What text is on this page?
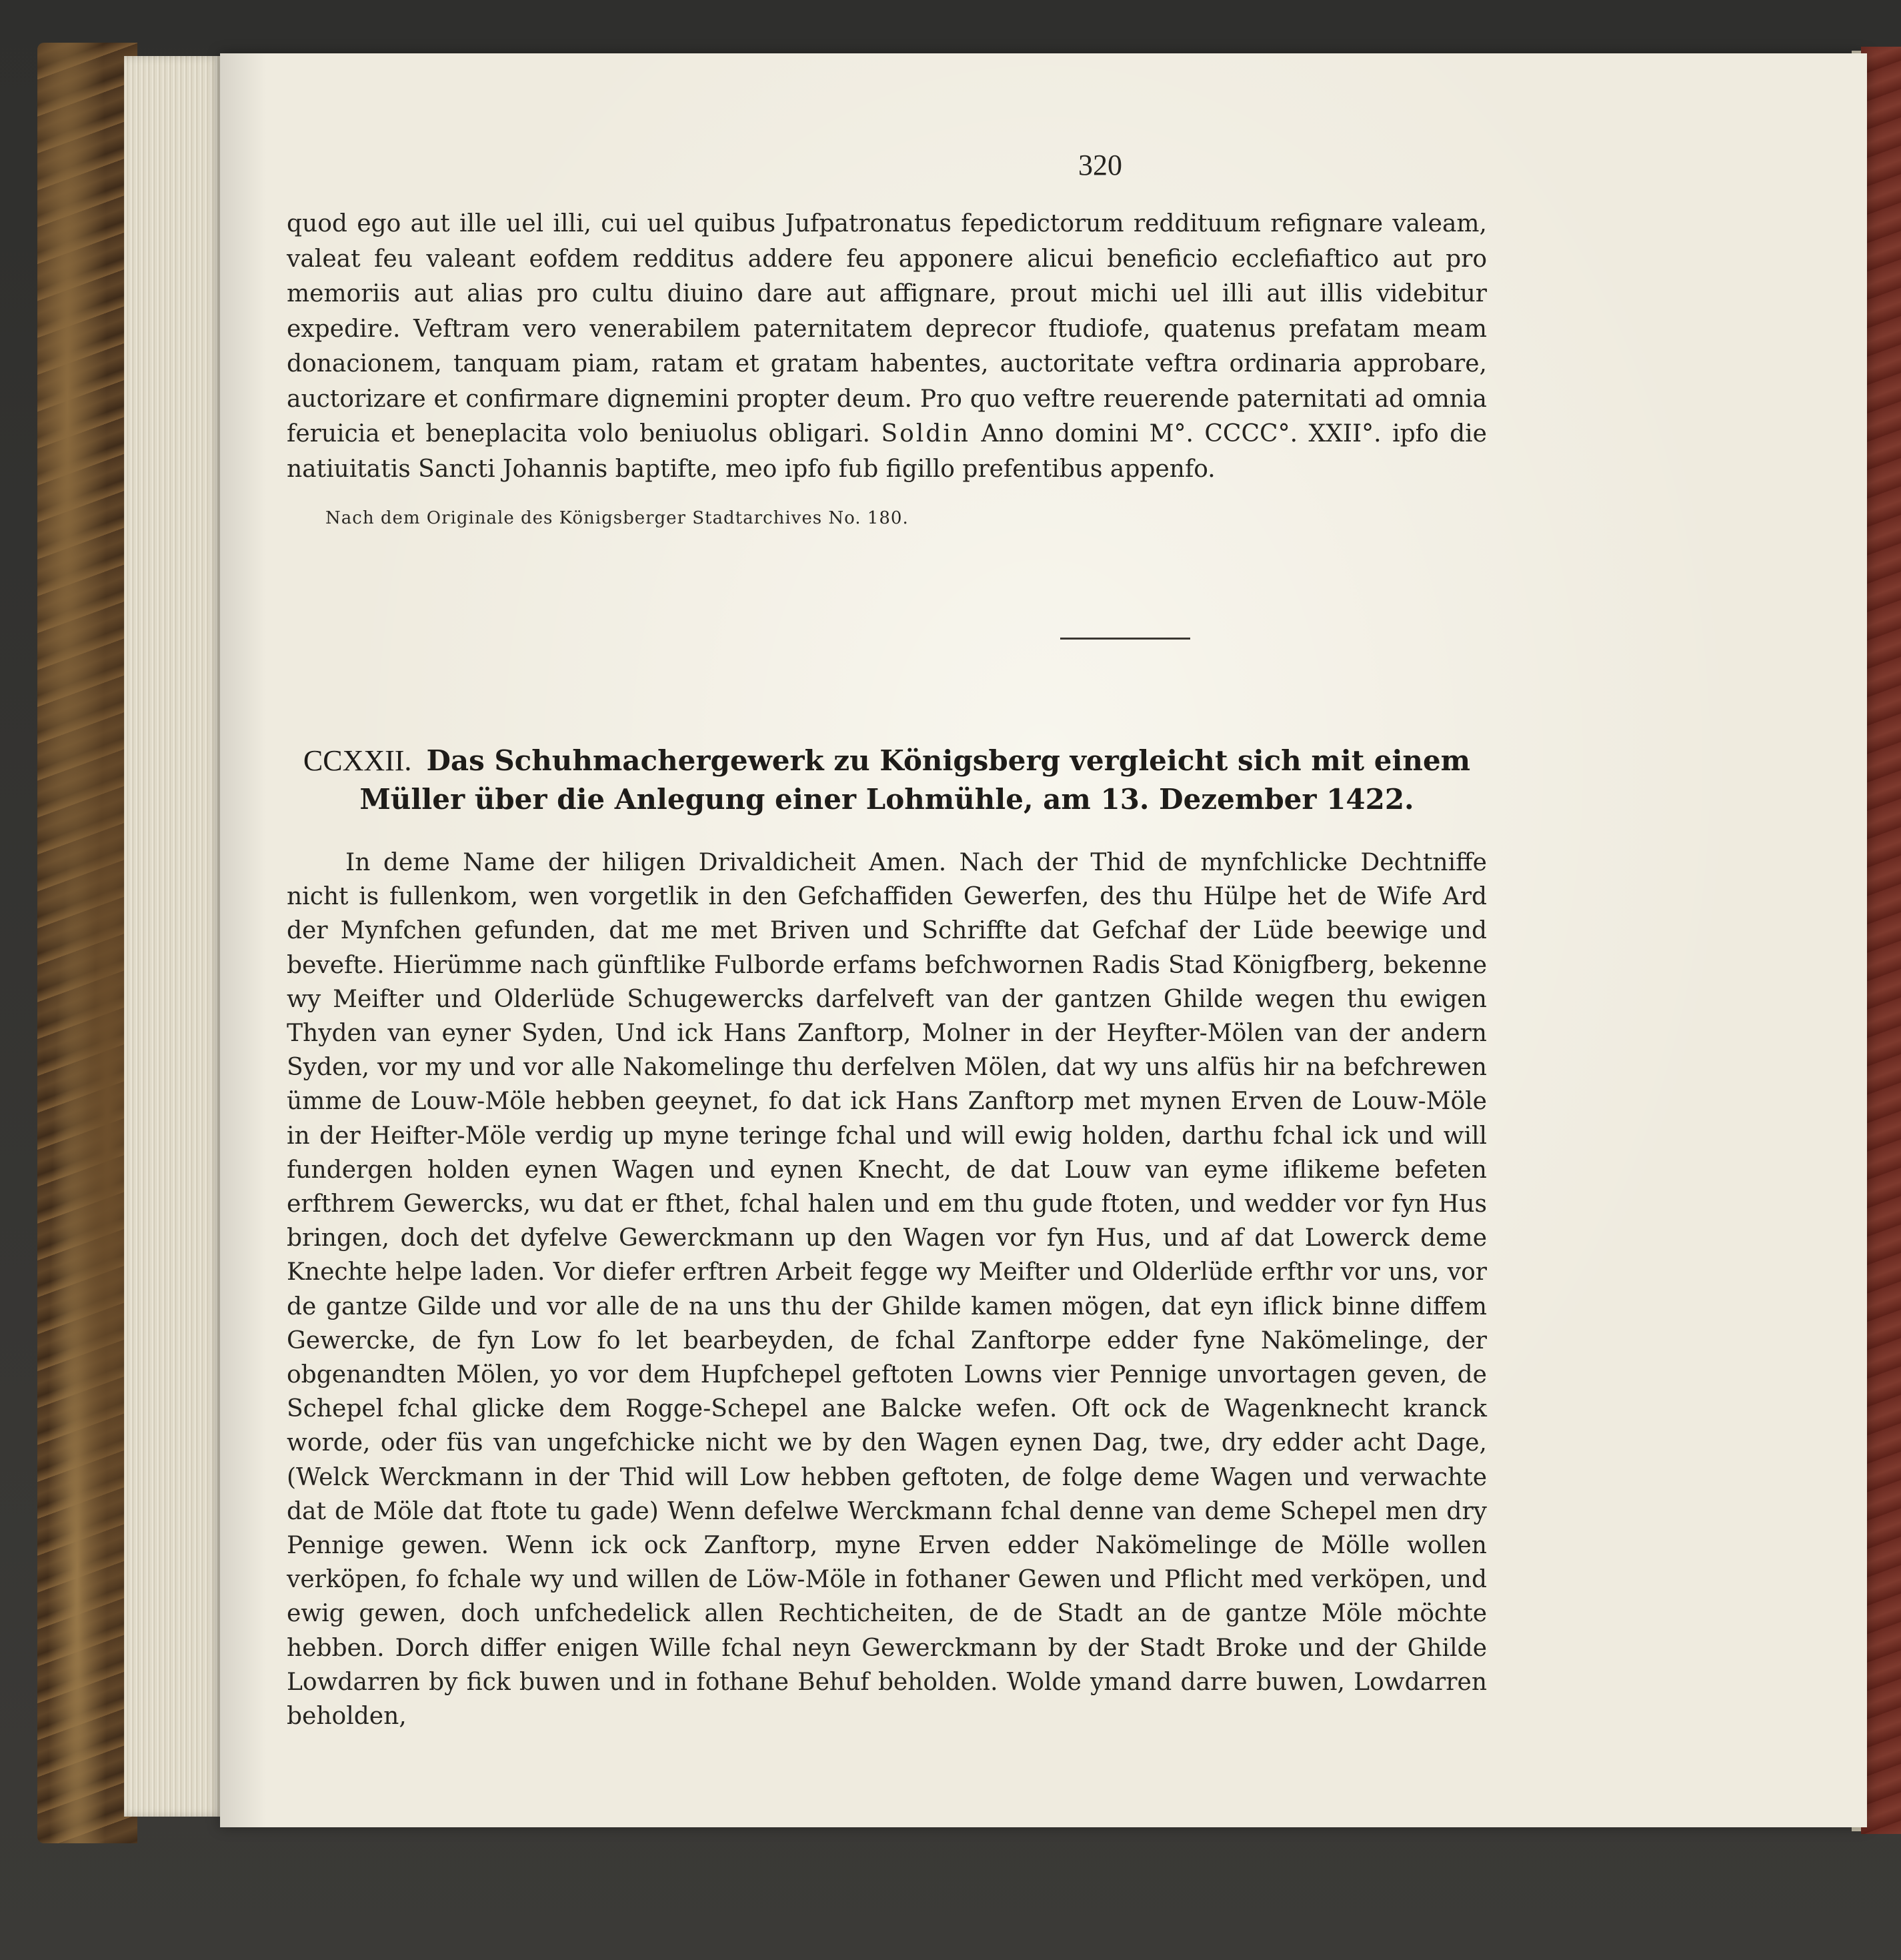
320

quod ego aut ille uel illi, cui uel quibus Jufpatronatus fepedictorum reddituum refignare valeam, valeat feu valeant eofdem redditus addere feu apponere alicui beneficio ecclefiaftico aut pro memoriis aut alias pro cultu diuino dare aut affignare, prout michi uel illi aut illis videbitur expedire. Veftram vero venerabilem paternitatem deprecor ftudiofe, quatenus prefatam meam donacionem, tanquam piam, ratam et gratam habentes, auctoritate veftra ordinaria approbare, auctorizare et confirmare dignemini propter deum. Pro quo veftre reuerende paternitati ad omnia feruicia et beneplacita volo beniuolus obligari. Soldin Anno domini M°. CCCC°. XXII°. ipfo die natiuitatis Sancti Johannis baptifte, meo ipfo fub figillo prefentibus appenfo.

Nach dem Originale des Königsberger Stadtarchives No. 180.
CCXXII. Das Schuhmachergewerk zu Königsberg vergleicht sich mit einem Müller über die Anlegung einer Lohmühle, am 13. Dezember 1422.

In deme Name der hiligen Drivaldicheit Amen. Nach der Thid de mynfchlicke Dechtniffe nicht is fullenkom, wen vorgetlik in den Gefchaffiden Gewerfen, des thu Hülpe het de Wife Ard der Mynfchen gefunden, dat me met Briven und Schriffte dat Gefchaf der Lüde beewige und bevefte. Hierümme nach günftlike Fulborde erfams befchwornen Radis Stad Königfberg, bekenne wy Meifter und Olderlüde Schugewercks darfelveft van der gantzen Ghilde wegen thu ewigen Thyden van eyner Syden, Und ick Hans Zanftorp, Molner in der Heyfter-Mölen van der andern Syden, vor my und vor alle Nakomelinge thu derfelven Mölen, dat wy uns alfüs hir na befchrewen ümme de Louw-Möle hebben geeynet, fo dat ick Hans Zanftorp met mynen Erven de Louw-Möle in der Heifter-Möle verdig up myne teringe fchal und will ewig holden, darthu fchal ick und will fundergen holden eynen Wagen und eynen Knecht, de dat Louw van eyme iflikeme befeten erfthrem Gewercks, wu dat er fthet, fchal halen und em thu gude ftoten, und wedder vor fyn Hus bringen, doch det dyfelve Gewerckmann up den Wagen vor fyn Hus, und af dat Lowerck deme Knechte helpe laden. Vor diefer erftren Arbeit fegge wy Meifter und Olderlüde erfthr vor uns, vor de gantze Gilde und vor alle de na uns thu der Ghilde kamen mögen, dat eyn iflick binne diffem Gewercke, de fyn Low fo let bearbeyden, de fchal Zanftorpe edder fyne Nakömelinge, der obgenandten Mölen, yo vor dem Hupfchepel geftoten Lowns vier Pennige unvortagen geven, de Schepel fchal glicke dem Rogge-Schepel ane Balcke wefen. Oft ock de Wagenknecht kranck worde, oder füs van ungefchicke nicht we by den Wagen eynen Dag, twe, dry edder acht Dage, (Welck Werckmann in der Thid will Low hebben geftoten, de folge deme Wagen und verwachte dat de Möle dat ftote tu gade) Wenn defelwe Werckmann fchal denne van deme Schepel men dry Pennige gewen. Wenn ick ock Zanftorp, myne Erven edder Nakömelinge de Mölle wollen verköpen, fo fchale wy und willen de Löw-Möle in fothaner Gewen und Pflicht med verköpen, und ewig gewen, doch unfchedelick allen Rechticheiten, de de Stadt an de gantze Möle möchte hebben. Dorch differ enigen Wille fchal neyn Gewerckmann by der Stadt Broke und der Ghilde Lowdarren by fick buwen und in fothane Behuf beholden. Wolde ymand darre buwen, Lowdarren beholden,
